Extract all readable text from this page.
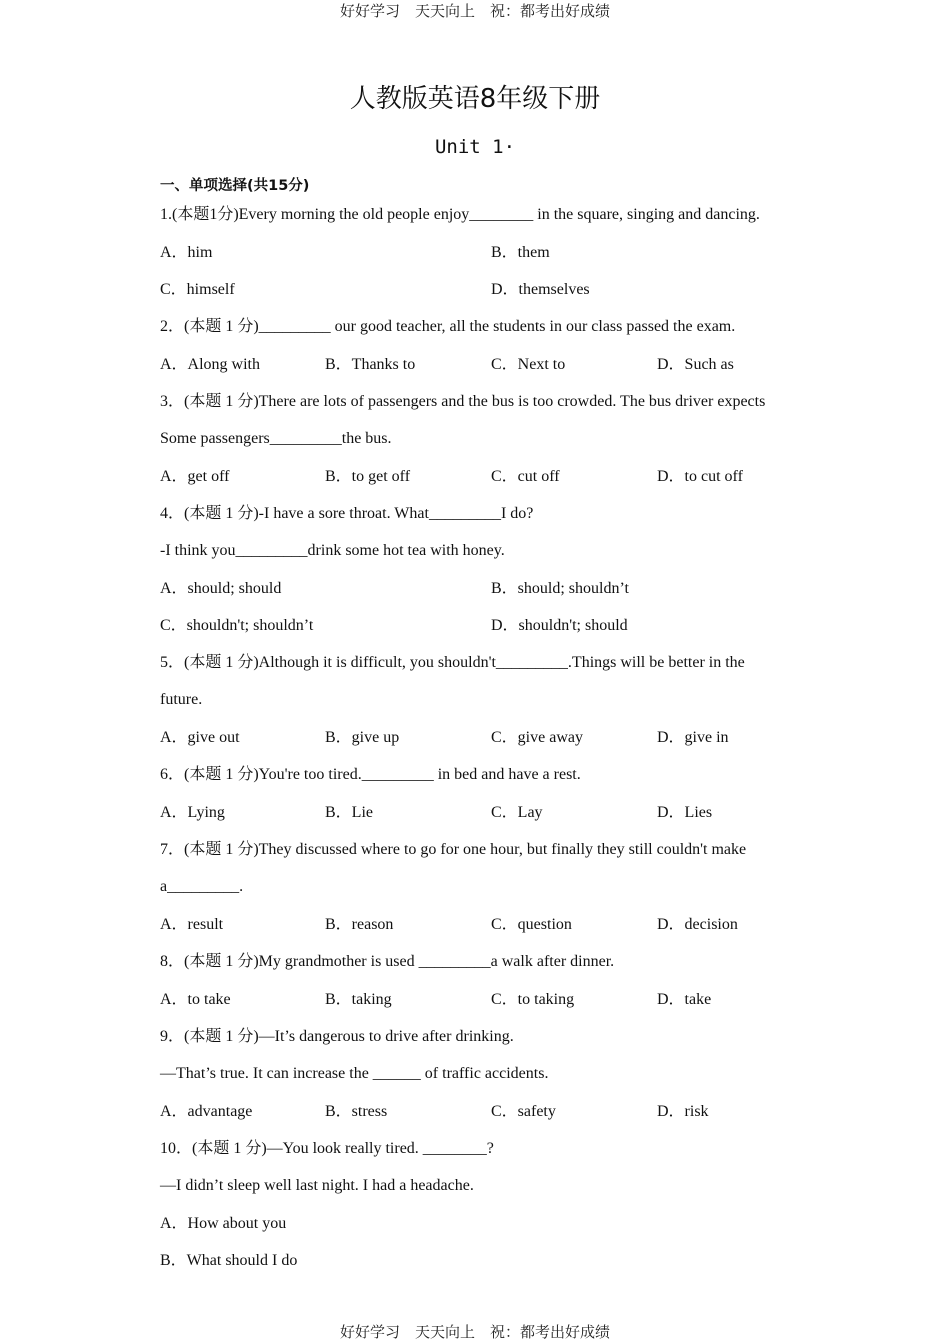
好好学习　天天向上　祝：都考出好成绩
人教版英语8年级下册
Unit 1·
一、单项选择(共15分)
1.(本题1分)Every morning the old people enjoy________ in the square, singing and dancing.
A．him	B．them
C．himself	D．themselves
2．(本题 1 分)_________ our good teacher, all the students in our class passed the exam.
A．Along with	B．Thanks to	C．Next to	D．Such as
3．(本题 1 分)There are lots of passengers and the bus is too crowded. The bus driver expects
Some passengers_________the bus.
A．get off	B．to get off	C．cut off	D．to cut off
4．(本题 1 分)-I have a sore throat. What_________I do?
-I think you_________drink some hot tea with honey.
A．should; should	B．should; shouldn’t
C．shouldn't; shouldn’t	D．shouldn't; should
5．(本题 1 分)Although it is difficult, you shouldn't_________.Things will be better in the
future.
A．give out	B．give up	C．give away	D．give in
6．(本题 1 分)You're too tired._________ in bed and have a rest.
A．Lying	B．Lie	C．Lay	D．Lies
7．(本题 1 分)They discussed where to go for one hour, but finally they still couldn't make
a_________.
A．result	B．reason	C．question	D．decision
8．(本题 1 分)My grandmother is used _________a walk after dinner.
A．to take	B．taking	C．to taking	D．take
9．(本题 1 分)—It’s dangerous to drive after drinking.
—That’s true. It can increase the ______ of traffic accidents.
A．advantage	B．stress	C．safety	D．risk
10．(本题 1 分)—You look really tired. ________?
—I didn’t sleep well last night. I had a headache.
A．How about you
B．What should I do
好好学习　天天向上　祝：都考出好成绩
